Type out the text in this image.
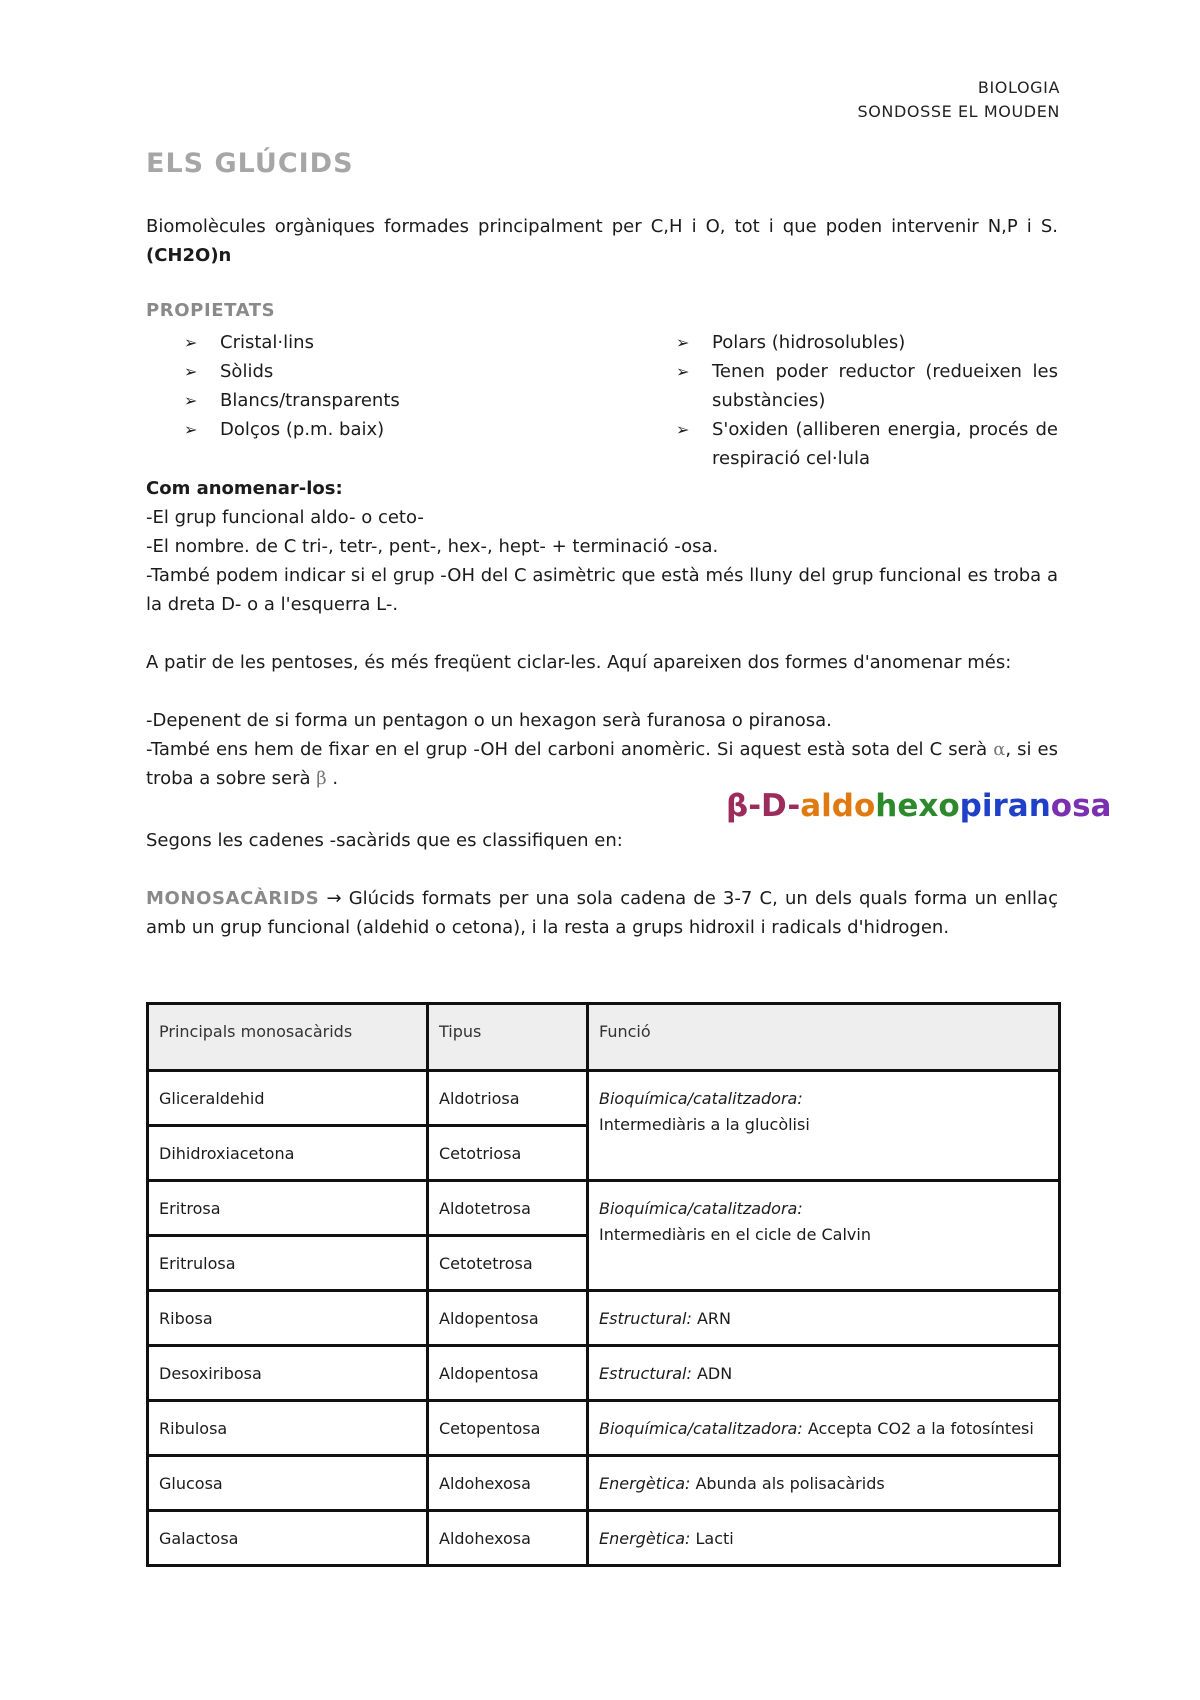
BIOLOGIA
SONDOSSE EL MOUDEN
ELS GLÚCIDS

Biomolècules orgàniques formades principalment per C,H i O, tot i que poden intervenir N,P i S. (CH2O)n

PROPIETATS
➢ Cristal·lins
➢ Sòlids
➢ Blancs/transparents
➢ Dolços (p.m. baix)
➢ Polars (hidrosolubles)
➢ Tenen poder reductor (redueixen les substàncies)
➢ S'oxiden (alliberen energia, procés de respiració cel·lula

Com anomenar-los:

-El grup funcional aldo- o ceto-

-El nombre. de C tri-, tetr-, pent-, hex-, hept- + terminació -osa.

-També podem indicar si el grup -OH del C asimètric que està més lluny del grup funcional es troba a la dreta D- o a l'esquerra L-.

A patir de les pentoses, és més freqüent ciclar-les. Aquí apareixen dos formes d'anomenar més:

-Depenent de si forma un pentagon o un hexagon serà furanosa o piranosa.

-També ens hem de fixar en el grup -OH del carboni anomèric. Si aquest està sota del C serà α, si es troba a sobre serà β .

β-D-aldohexopiranosa

Segons les cadenes -sacàrids que es classifiquen en:

MONOSACÀRIDS → Glúcids formats per una sola cadena de 3-7 C, un dels quals forma un enllaç amb un grup funcional (aldehid o cetona), i la resta a grups hidroxil i radicals d'hidrogen.

Principals monosacàrids	Tipus	Funció
Gliceraldehid	Aldotriosa	Bioquímica/catalitzadora:
Intermediàris a la glucòlisi
Dihidroxiacetona	Cetotriosa	
Eritrosa	Aldotetrosa	Bioquímica/catalitzadora:
Intermediàris en el cicle de Calvin
Eritrulosa	Cetotetrosa	
Ribosa	Aldopentosa	Estructural: ARN
Desoxiribosa	Aldopentosa	Estructural: ADN
Ribulosa	Cetopentosa	Bioquímica/catalitzadora: Accepta CO2 a la fotosíntesi
Glucosa	Aldohexosa	Energètica: Abunda als polisacàrids
Galactosa	Aldohexosa	Energètica: Lacti
